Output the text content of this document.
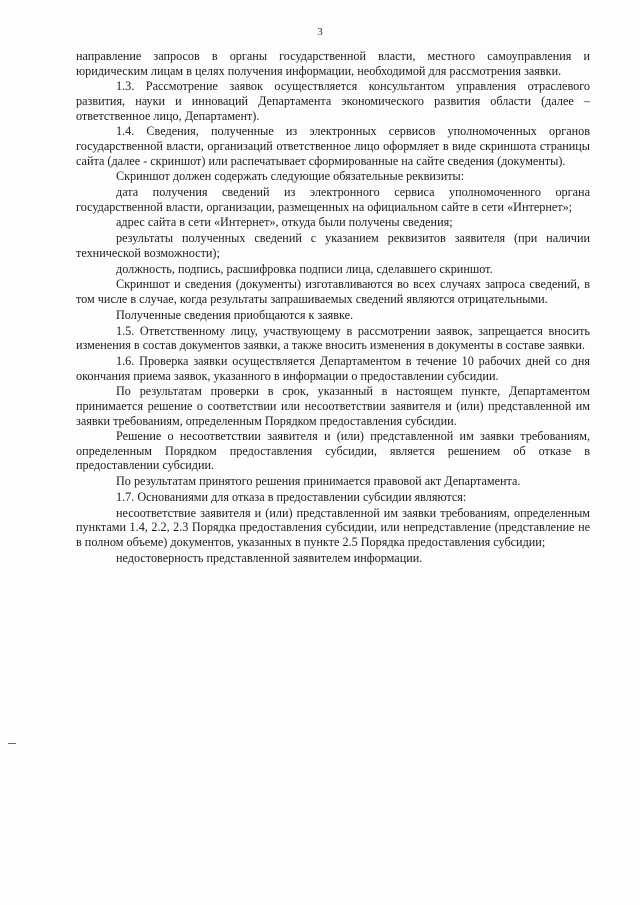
3

направление запросов в органы государственной власти, местного самоуправления и юридическим лицам в целях получения информации, необходимой для рассмотрения заявки.

1.3. Рассмотрение заявок осуществляется консультантом управления отраслевого развития, науки и инноваций Департамента экономического развития области (далее – ответственное лицо, Департамент).

1.4. Сведения, полученные из электронных сервисов уполномоченных органов государственной власти, организаций ответственное лицо оформляет в виде скриншота страницы сайта (далее - скриншот) или распечатывает сформированные на сайте сведения (документы).

Скриншот должен содержать следующие обязательные реквизиты:

дата получения сведений из электронного сервиса уполномоченного органа государственной власти, организации, размещенных на официальном сайте в сети «Интернет»;

адрес сайта в сети «Интернет», откуда были получены сведения;

результаты полученных сведений с указанием реквизитов заявителя (при наличии технической возможности);

должность, подпись, расшифровка подписи лица, сделавшего скриншот.

Скриншот и сведения (документы) изготавливаются во всех случаях запроса сведений, в том числе в случае, когда результаты запрашиваемых сведений являются отрицательными.

Полученные сведения приобщаются к заявке.

1.5. Ответственному лицу, участвующему в рассмотрении заявок, запрещается вносить изменения в состав документов заявки, а также вносить изменения в документы в составе заявки.

1.6. Проверка заявки осуществляется Департаментом в течение 10 рабочих дней со дня окончания приема заявок, указанного в информации о предоставлении субсидии.

По результатам проверки в срок, указанный в настоящем пункте, Департаментом принимается решение о соответствии или несоответствии заявителя и (или) представленной им заявки требованиям, определенным Порядком предоставления субсидии.

Решение о несоответствии заявителя и (или) представленной им заявки требованиям, определенным Порядком предоставления субсидии, является решением об отказе в предоставлении субсидии.

По результатам принятого решения принимается правовой акт Департамента.

1.7. Основаниями для отказа в предоставлении субсидии являются:

несоответствие заявителя и (или) представленной им заявки требованиям, определенным пунктами 1.4, 2.2, 2.3 Порядка предоставления субсидии, или непредставление (представление не в полном объеме) документов, указанных в пункте 2.5 Порядка предоставления субсидии;

недостоверность представленной заявителем информации.
